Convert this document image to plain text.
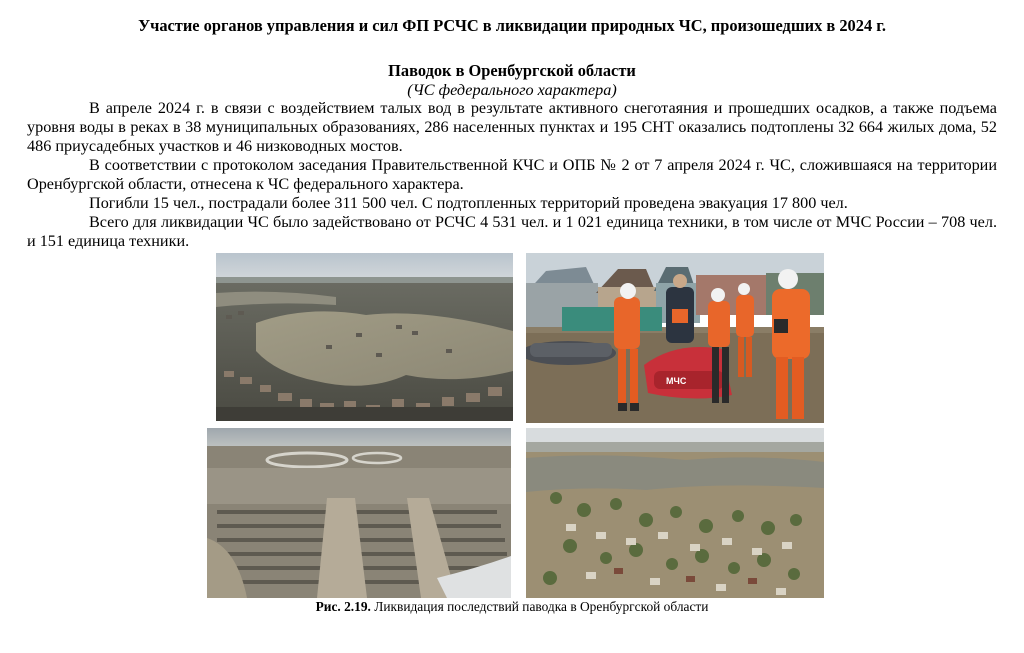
Участие органов управления и сил ФП РСЧС в ликвидации природных ЧС, произошедших в 2024 г.
Паводок в Оренбургской области
(ЧС федерального характера)

В апреле 2024 г. в связи с воздействием талых вод в результате активного снеготаяния и прошедших осадков, а также подъема уровня воды в реках в 38 муниципальных образованиях, 286 населенных пунктах и 195 СНТ оказались подтоплены 32 664 жилых дома, 52 486 приусадебных участков и 46 низководных мостов.

В соответствии с протоколом заседания Правительственной КЧС и ОПБ № 2 от 7 апреля 2024 г. ЧС, сложившаяся на территории Оренбургской области, отнесена к ЧС федерального характера.

Погибли 15 чел., пострадали более 311 500 чел. С подтопленных территорий проведена эвакуация 17 800 чел.

Всего для ликвидации ЧС было задействовано от РСЧС 4 531 чел. и 1 021 единица техники, в том числе от МЧС России – 708 чел. и 151 единица техники.

МЧС
Рис. 2.19. Ликвидация последствий паводка в Оренбургской области
